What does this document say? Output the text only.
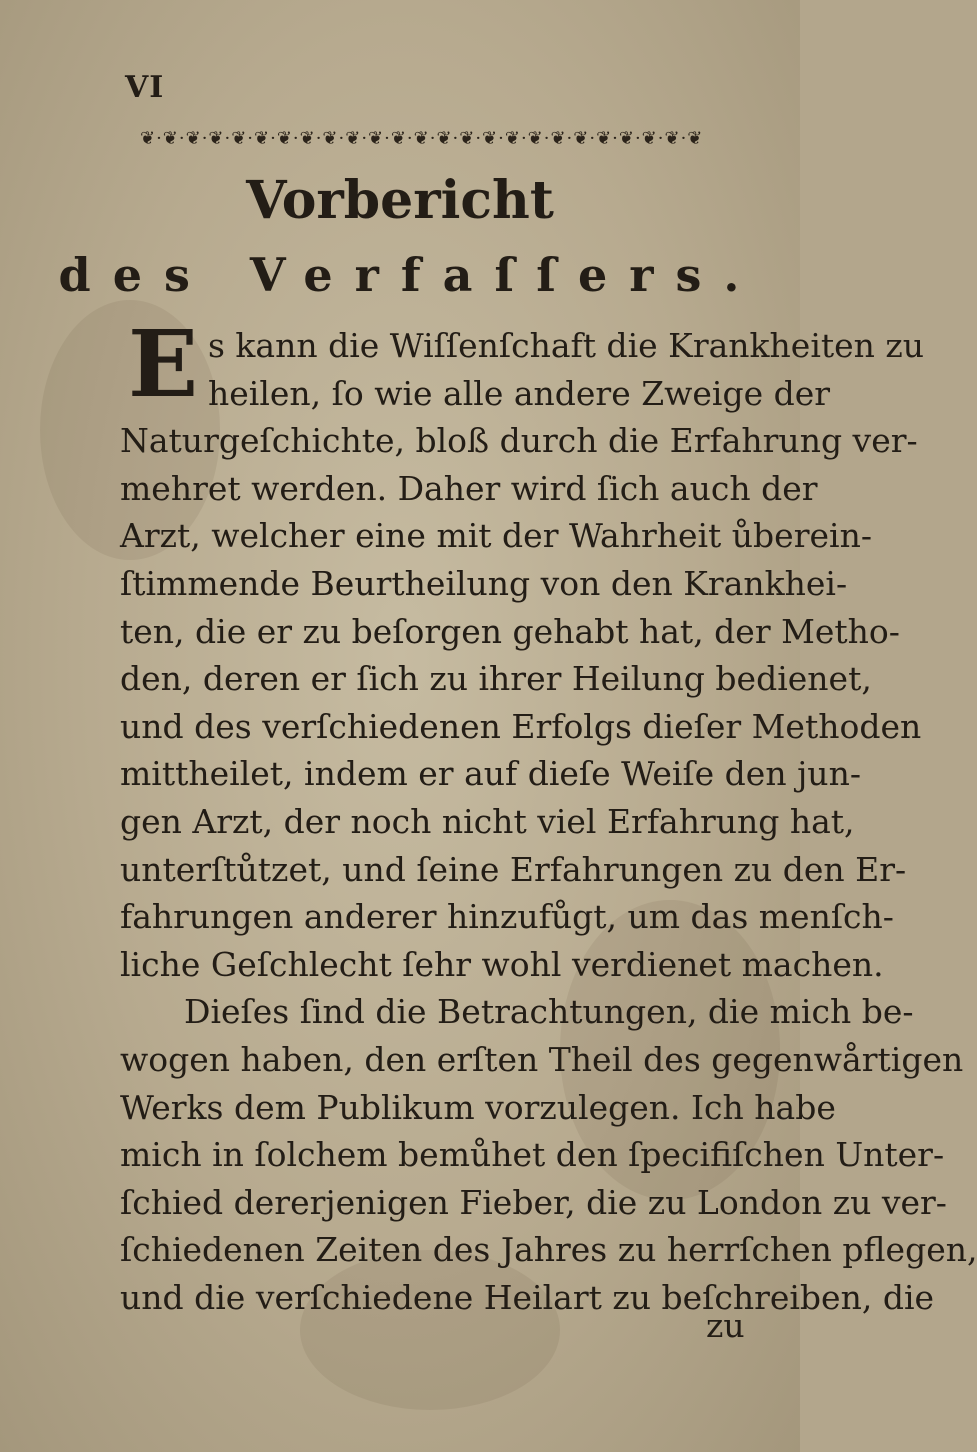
VI
❦·❦·❦·❦·❦·❦·❦·❦·❦·❦·❦·❦·❦·❦·❦·❦·❦·❦·❦·❦·❦·❦·❦·❦·❦
Vorbericht
des Verfaſſers.
E s kann die Wiſſenſchaft die Krankheiten zu
heilen, ſo wie alle andere Zweige der
Naturgeſchichte, bloß durch die Erfahrung ver-
mehret werden. Daher wird ſich auch der
Arzt, welcher eine mit der Wahrheit ůberein-
ſtimmende Beurtheilung von den Krankhei-
ten, die er zu beſorgen gehabt hat, der Metho-
den, deren er ſich zu ihrer Heilung bedienet,
und des verſchiedenen Erfolgs dieſer Methoden
mittheilet, indem er auf dieſe Weiſe den jun-
gen Arzt, der noch nicht viel Erfahrung hat,
unterſtůtzet, und ſeine Erfahrungen zu den Er-
fahrungen anderer hinzufůgt, um das menſch-
liche Geſchlecht ſehr wohl verdienet machen.
Dieſes ſind die Betrachtungen, die mich be-
wogen haben, den erſten Theil des gegenwårtigen
Werks dem Publikum vorzulegen. Ich habe
mich in ſolchem bemůhet den ſpecifiſchen Unter-
ſchied dererjenigen Fieber, die zu London zu ver-
ſchiedenen Zeiten des Jahres zu herrſchen pflegen,
und die verſchiedene Heilart zu beſchreiben, die
zu
